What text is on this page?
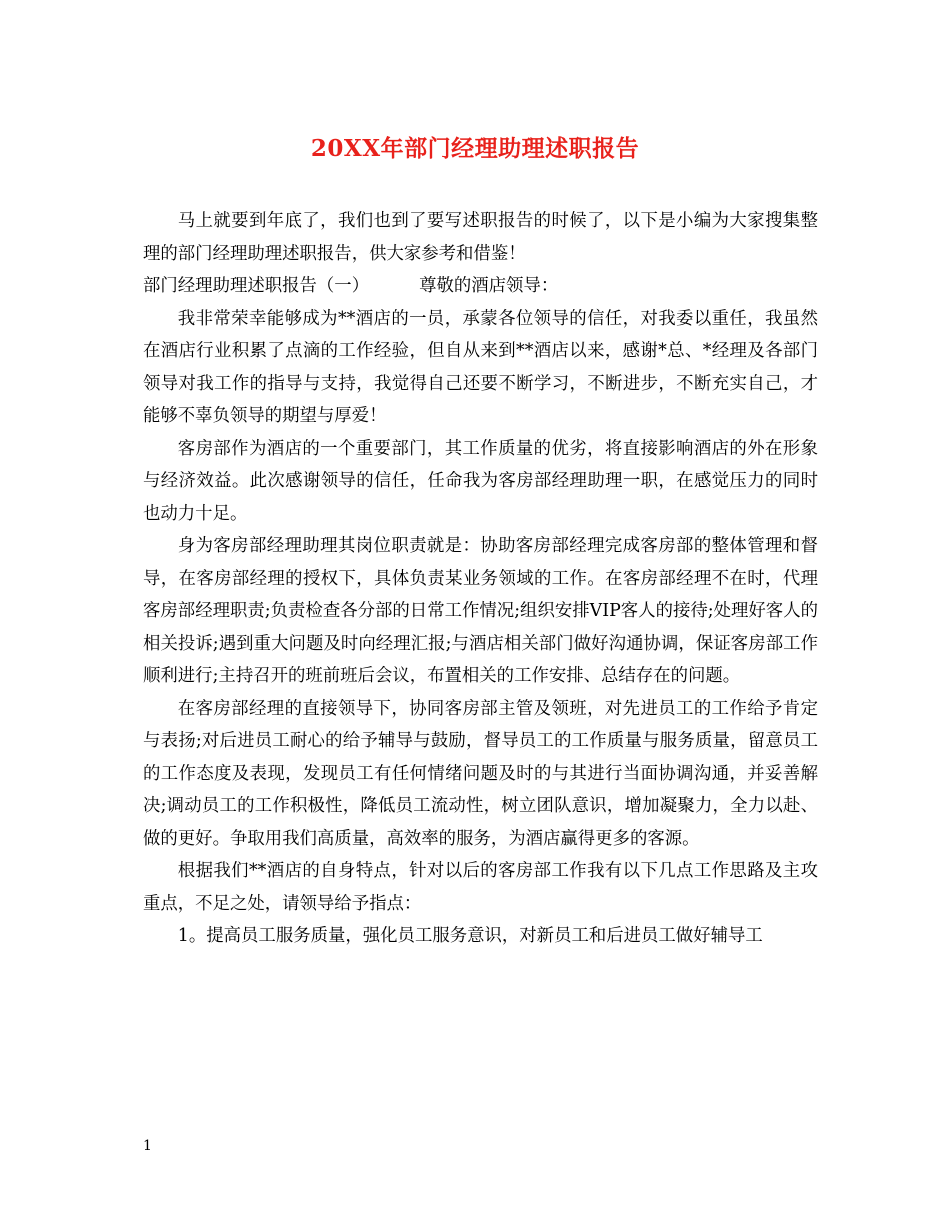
20XX年部门经理助理述职报告

马上就要到年底了，我们也到了要写述职报告的时候了，以下是小编为大家搜集整理的部门经理助理述职报告，供大家参考和借鉴！

部门经理助理述职报告（一）	尊敬的酒店领导：

我非常荣幸能够成为**酒店的一员，承蒙各位领导的信任，对我委以重任，我虽然在酒店行业积累了点滴的工作经验，但自从来到**酒店以来，感谢*总、*经理及各部门领导对我工作的指导与支持，我觉得自己还要不断学习，不断进步，不断充实自己，才能够不辜负领导的期望与厚爱！

客房部作为酒店的一个重要部门，其工作质量的优劣，将直接影响酒店的外在形象与经济效益。此次感谢领导的信任，任命我为客房部经理助理一职，在感觉压力的同时也动力十足。

身为客房部经理助理其岗位职责就是：协助客房部经理完成客房部的整体管理和督导，在客房部经理的授权下，具体负责某业务领域的工作。在客房部经理不在时，代理客房部经理职责;负责检查各分部的日常工作情况;组织安排VIP客人的接待;处理好客人的相关投诉;遇到重大问题及时向经理汇报;与酒店相关部门做好沟通协调，保证客房部工作顺利进行;主持召开的班前班后会议，布置相关的工作安排、总结存在的问题。

在客房部经理的直接领导下，协同客房部主管及领班，对先进员工的工作给予肯定与表扬;对后进员工耐心的给予辅导与鼓励，督导员工的工作质量与服务质量，留意员工的工作态度及表现，发现员工有任何情绪问题及时的与其进行当面协调沟通，并妥善解决;调动员工的工作积极性，降低员工流动性，树立团队意识，增加凝聚力，全力以赴、做的更好。争取用我们高质量，高效率的服务，为酒店赢得更多的客源。

根据我们**酒店的自身特点，针对以后的客房部工作我有以下几点工作思路及主攻重点，不足之处，请领导给予指点：

1。提高员工服务质量，强化员工服务意识，对新员工和后进员工做好辅导工

1
